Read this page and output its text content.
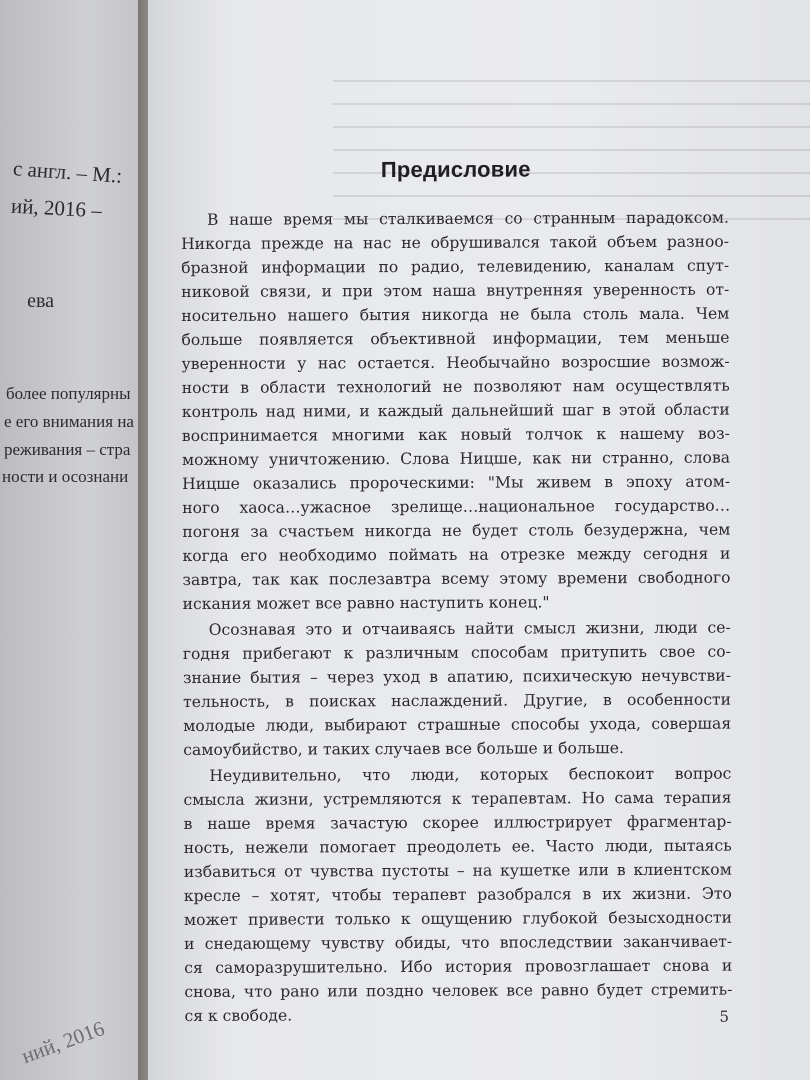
с англ. – М.:
ий, 2016 –
ева
более популярны
е его внимания на
реживания – стра
ности и осознани
ний, 2016
Предисловие
В наше время мы сталкиваемся со странным парадоксом.
Никогда прежде на нас не обрушивался такой объем разнoo-
бразной информации по радио, телевидению, каналам спут-
никовой связи, и при этом наша внутренняя уверенность от-
носительно нашего бытия никогда не была столь мала. Чем
больше появляется объективной информации, тем меньше
уверенности у нас остается. Необычайно возросшие возмож-
ности в области технологий не позволяют нам осуществлять
контроль над ними, и каждый дальнейший шаг в этой области
воспринимается многими как новый толчок к нашему воз-
можному уничтожению. Слова Ницше, как ни странно, слова
Ницше оказались пророческими: "Мы живем в эпоху атом-
ного хаоса…ужасное зрелище…национальное государство…
погоня за счастьем никогда не будет столь безудержна, чем
когда его необходимо поймать на отрезке между сегодня и
завтра, так как послезавтра всему этому времени свободного
искания может все равно наступить конец."
Осознавая это и отчаиваясь найти смысл жизни, люди се-
годня прибегают к различным способам притупить свое со-
знание бытия – через уход в апатию, психическую нечувстви-
тельность, в поисках наслаждений. Другие, в особенности
молодые люди, выбирают страшные способы ухода, совершая
самоубийство, и таких случаев все больше и больше.
Неудивительно, что люди, которых беспокоит вопрос
смысла жизни, устремляются к терапевтам. Но сама терапия
в наше время зачастую скорее иллюстрирует фрагментар-
ность, нежели помогает преодолеть ее. Часто люди, пытаясь
избавиться от чувства пустоты – на кушетке или в клиентском
кресле – хотят, чтобы терапевт разобрался в их жизни. Это
может привести только к ощущению глубокой безысходности
и снедающему чувству обиды, что впоследствии заканчивает-
ся саморазрушительно. Ибо история провозглашает снова и
снова, что рано или поздно человек все равно будет стремить-
ся к свободе.	5
